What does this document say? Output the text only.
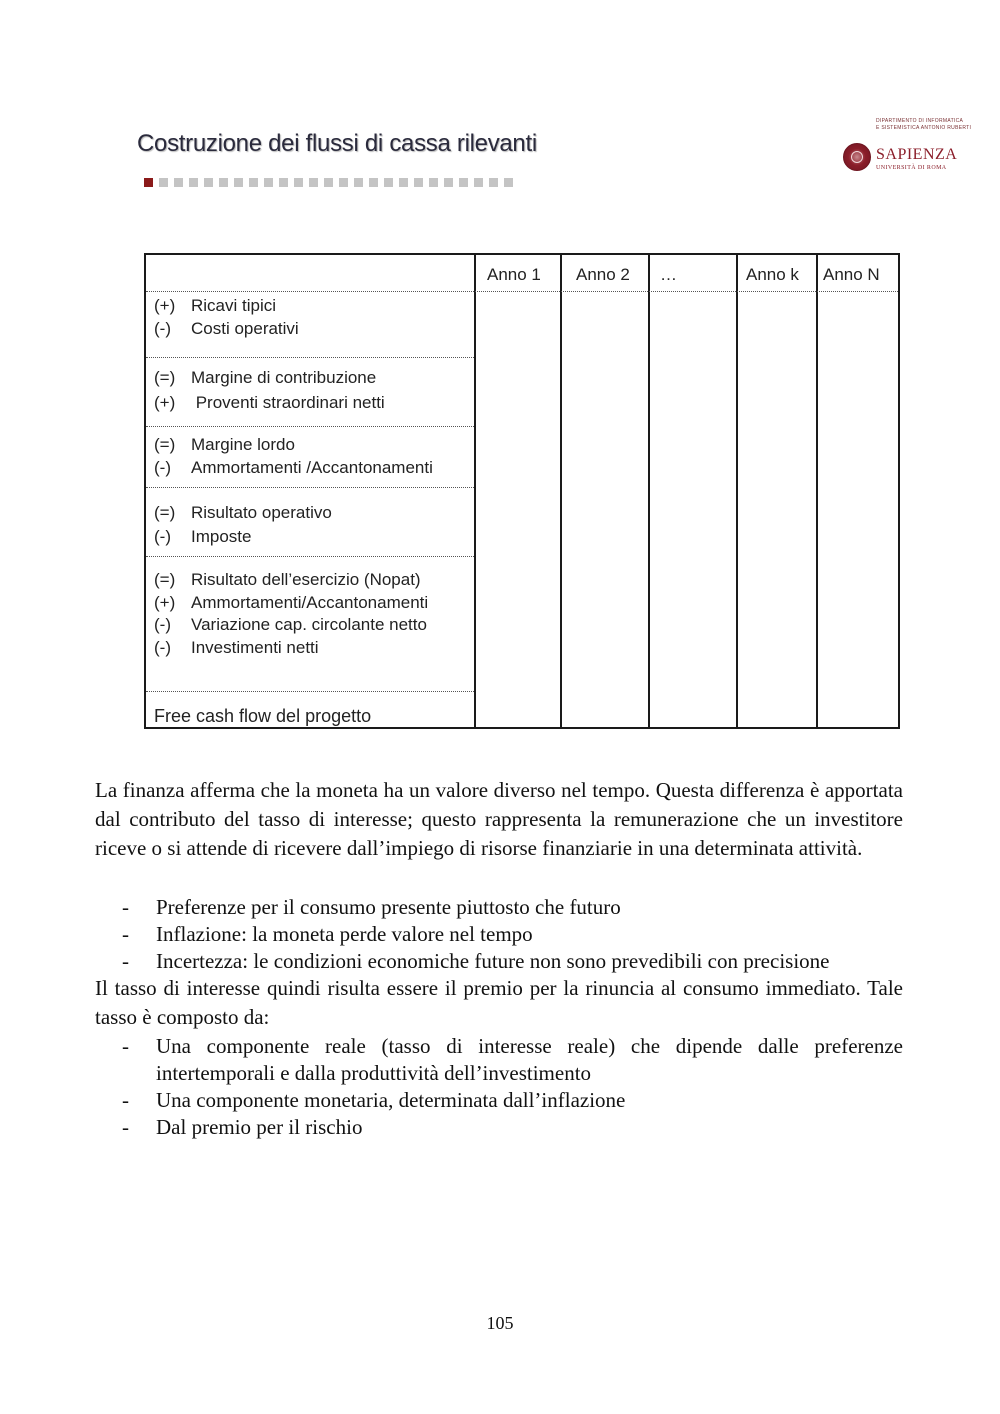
Costruzione dei flussi di cassa rilevanti
DIPARTIMENTO DI INFORMATICA
E SISTEMISTICA ANTONIO RUBERTI
SAPIENZA
UNIVERSITÀ DI ROMA
Anno 1 Anno 2 …	Anno k Anno N
(+) Ricavi tipici
(-) Costi operativi
(=) Margine di contribuzione
(+) Proventi straordinari netti
(=) Margine lordo
(-) Ammortamenti /Accantonamenti
(=) Risultato operativo
(-) Imposte
(=) Risultato dell’esercizio (Nopat)
(+) Ammortamenti/Accantonamenti
(-) Variazione cap. circolante netto
(-) Investimenti netti
Free cash flow del progetto

La finanza afferma che la moneta ha un valore diverso nel tempo. Questa differenza è apportata dal contributo del tasso di interesse; questo rappresenta la remunerazione che un investitore riceve o si attende di ricevere dall’impiego di risorse finanziarie in una determinata attività.

- Preferenze per il consumo presente piuttosto che futuro
- Inflazione: la moneta perde valore nel tempo
- Incertezza: le condizioni economiche future non sono prevedibili con precisione

Il tasso di interesse quindi risulta essere il premio per la rinuncia al consumo immediato. Tale tasso è composto da:

-	Una componente reale (tasso di interesse reale) che dipende dalle preferenze intertemporali e dalla produttività dell’investimento
- Una componente monetaria, determinata dall’inflazione
- Dal premio per il rischio
105
